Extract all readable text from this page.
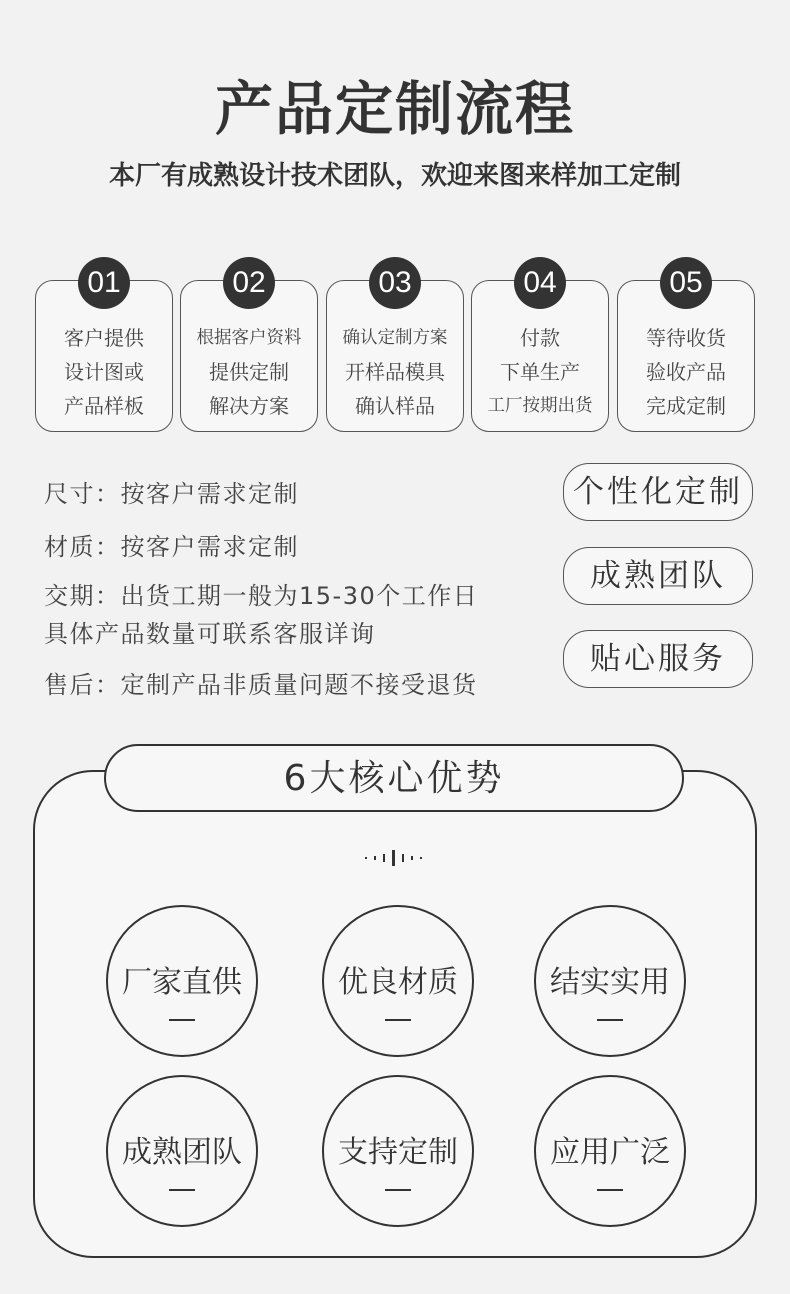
产品定制流程
本厂有成熟设计技术团队，欢迎来图来样加工定制
01
客户提供
设计图或
产品样板
02
根据客户资料
提供定制
解决方案
03
确认定制方案
开样品模具
确认样品
04
付款
下单生产
工厂按期出货
05
等待收货
验收产品
完成定制
尺寸：按客户需求定制
材质：按客户需求定制
交期：出货工期一般为15-30个工作日
具体产品数量可联系客服详询
售后：定制产品非质量问题不接受退货
个性化定制
成熟团队
贴心服务
6大核心优势
厂家直供	优良材质	结实实用
成熟团队	支持定制	应用广泛
